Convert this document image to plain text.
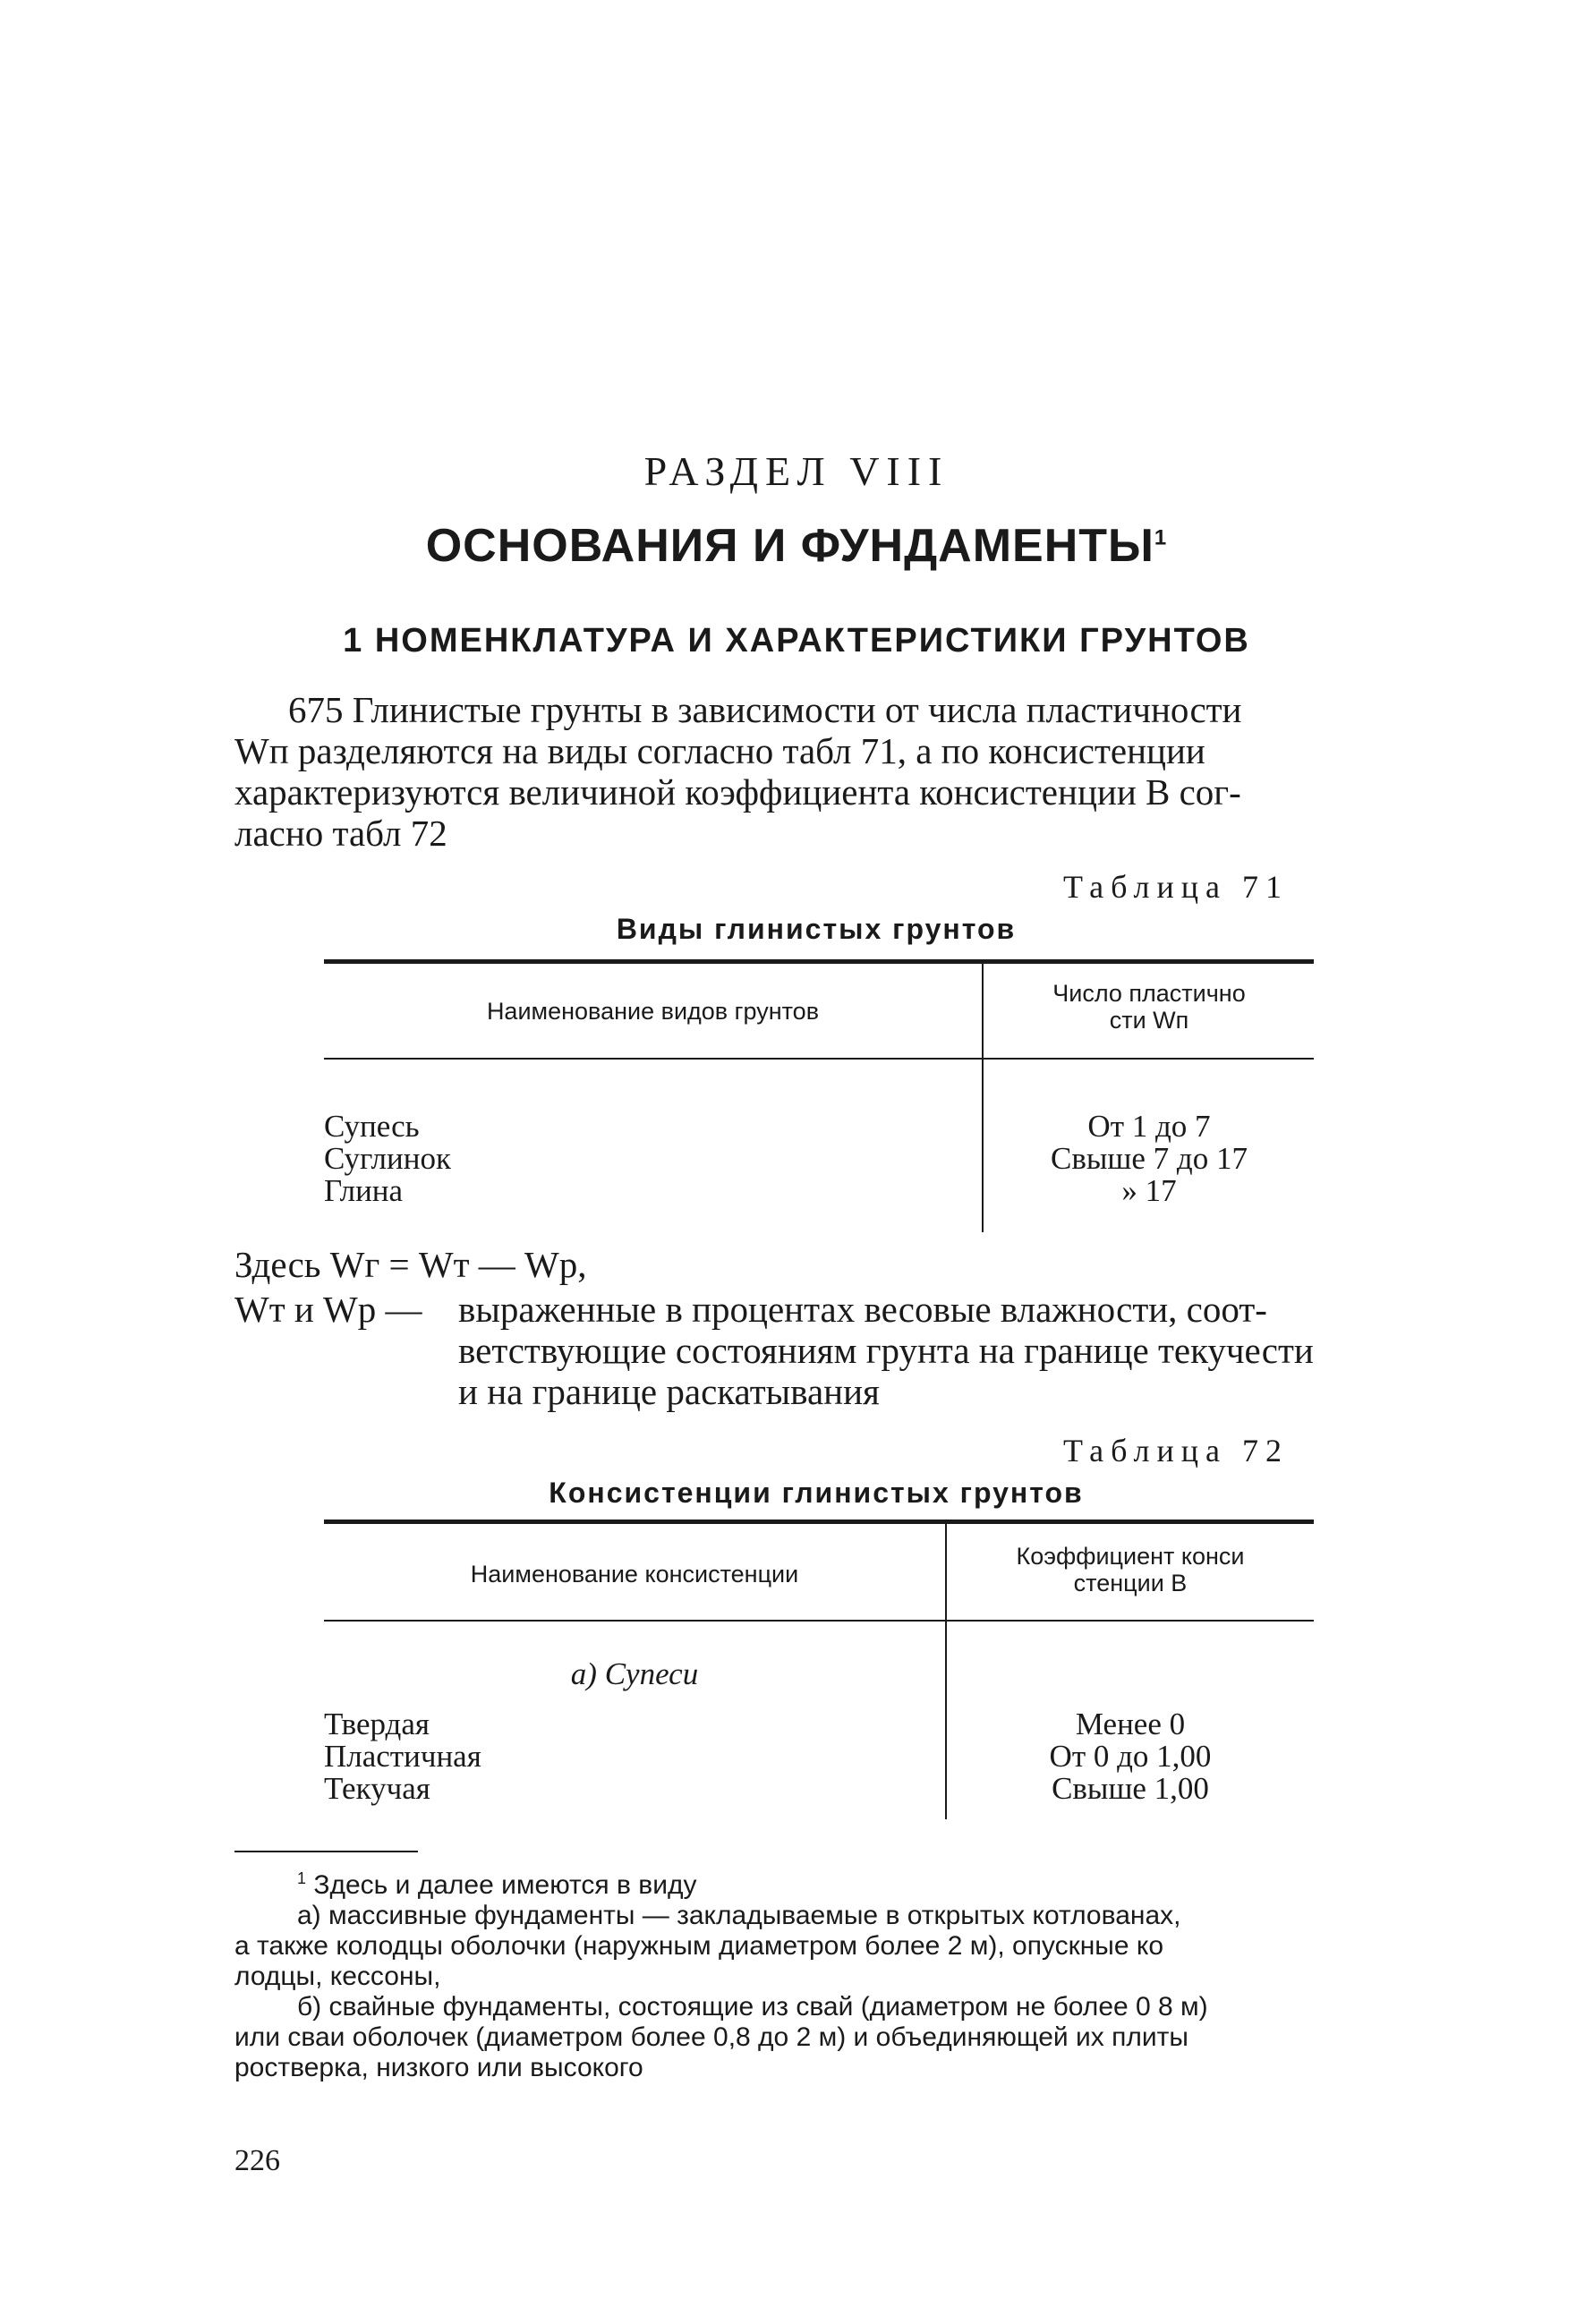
РАЗДЕЛ VIII
ОСНОВАНИЯ И ФУНДАМЕНТЫ$^1$
1 НОМЕНКЛАТУРА И ХАРАКТЕРИСТИКИ ГРУНТОВ
675 Глинистые грунты в зависимости от числа пластичности
Wп разделяются на виды согласно табл 71, а по консистенции
характеризуются величиной коэффициента консистенции B сог-
ласно табл 72
Таблица 71
Виды глинистых грунтов
Наименование видов грунтов
Число пластично
сти Wп
Супесь	От 1 до 7
Суглинок	Свыше 7 до 17
Глина	» 17
Здесь Wг = Wт — Wр,
Wт и Wр — выраженные в процентах весовые влажности, соот-
ветствующие состояниям грунта на границе текучести
и на границе раскатывания
Таблица 72
Консистенции глинистых грунтов
Наименование консистенции
Коэффициент конси
стенции B
а) Супеси
Твердая	Менее 0
Пластичная	От 0 до 1,00
Текучая	Свыше 1,00
$^1$ Здесь и далее имеются в виду
а) массивные фундаменты — закладываемые в открытых котлованах,
а также колодцы оболочки (наружным диаметром более 2 м), опускные ко
лодцы, кессоны,
б) свайные фундаменты, состоящие из свай (диаметром не более 0 8 м)
или сваи оболочек (диаметром более 0,8 до 2 м) и объединяющей их плиты
ростверка, низкого или высокого
226
